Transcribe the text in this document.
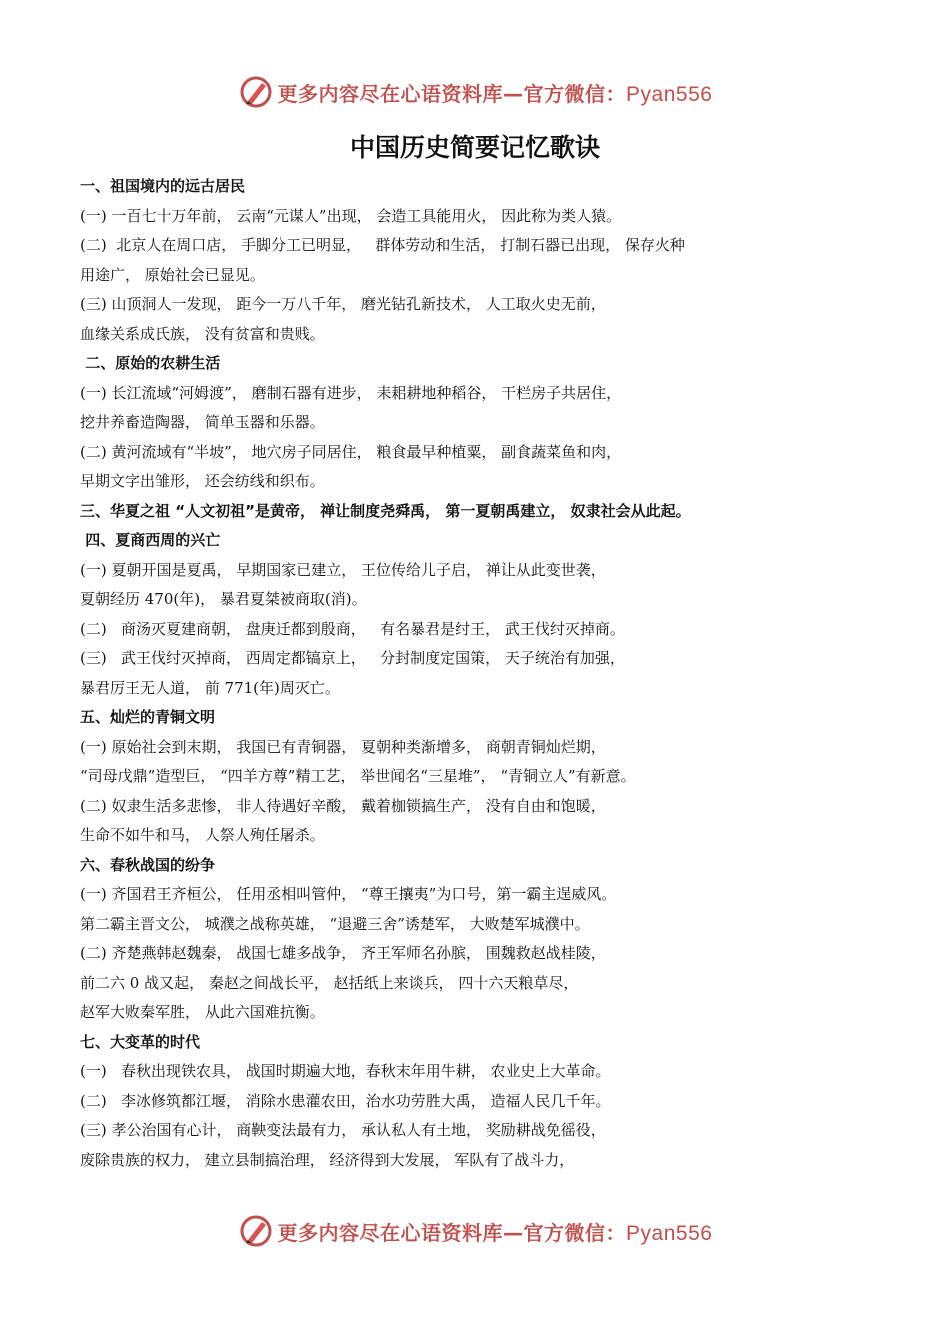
更多内容尽在心语资料库—官方微信：Pyan556
中国历史简要记忆歌诀
一、祖国境内的远古居民
(一) 一百七十万年前， 云南“元谋人”出现， 会造工具能用火， 因此称为类人猿。
(二)  北京人在周口店， 手脚分工已明显，   群体劳动和生活， 打制石器已出现， 保存火种
用途广， 原始社会已显见。
(三) 山顶洞人一发现， 距今一万八千年， 磨光钻孔新技术， 人工取火史无前，
血缘关系成氏族， 没有贫富和贵贱。
二、原始的农耕生活
(一) 长江流域“河姆渡”， 磨制石器有进步， 耒耜耕地种稻谷， 干栏房子共居住，
挖井养畜造陶器， 简单玉器和乐器。
(二) 黄河流域有“半坡”， 地穴房子同居住， 粮食最早种植粟， 副食蔬菜鱼和肉，
早期文字出雏形， 还会纺线和织布。
三、华夏之祖 “人文初祖”是黄帝， 禅让制度尧舜禹， 第一夏朝禹建立， 奴隶社会从此起。
四、夏商西周的兴亡
(一) 夏朝开国是夏禹， 早期国家已建立， 王位传给儿子启， 禅让从此变世袭，
夏朝经历 470(年)， 暴君夏桀被商取(消)。
(二)   商汤灭夏建商朝， 盘庚迁都到殷商，   有名暴君是纣王， 武王伐纣灭掉商。
(三)   武王伐纣灭掉商， 西周定都镐京上，   分封制度定国策， 天子统治有加强，
暴君厉王无人道， 前 771(年)周灭亡。
五、灿烂的青铜文明
(一) 原始社会到末期， 我国已有青铜器， 夏朝种类渐增多， 商朝青铜灿烂期，
“司母戊鼎”造型巨， “四羊方尊”精工艺， 举世闻名“三星堆”， “青铜立人”有新意。
(二) 奴隶生活多悲惨， 非人待遇好辛酸， 戴着枷锁搞生产， 没有自由和饱暖，
生命不如牛和马， 人祭人殉任屠杀。
六、春秋战国的纷争
(一) 齐国君王齐桓公， 任用丞相叫管仲， “尊王攘夷”为口号，第一霸主逞威风。
第二霸主晋文公， 城濮之战称英雄， “退避三舍”诱楚军， 大败楚军城濮中。
(二) 齐楚燕韩赵魏秦， 战国七雄多战争， 齐王军师名孙膑， 围魏救赵战桂陵，
前二六 0 战又起， 秦赵之间战长平， 赵括纸上来谈兵， 四十六天粮草尽，
赵军大败秦军胜， 从此六国难抗衡。
七、大变革的时代
(一)   春秋出现铁农具， 战国时期遍大地，春秋末年用牛耕， 农业史上大革命。
(二)   李冰修筑都江堰， 消除水患灌农田，治水功劳胜大禹， 造福人民几千年。
(三) 孝公治国有心计， 商鞅变法最有力， 承认私人有土地， 奖励耕战免徭役，
废除贵族的权力， 建立县制搞治理， 经济得到大发展， 军队有了战斗力，
更多内容尽在心语资料库—官方微信：Pyan556
